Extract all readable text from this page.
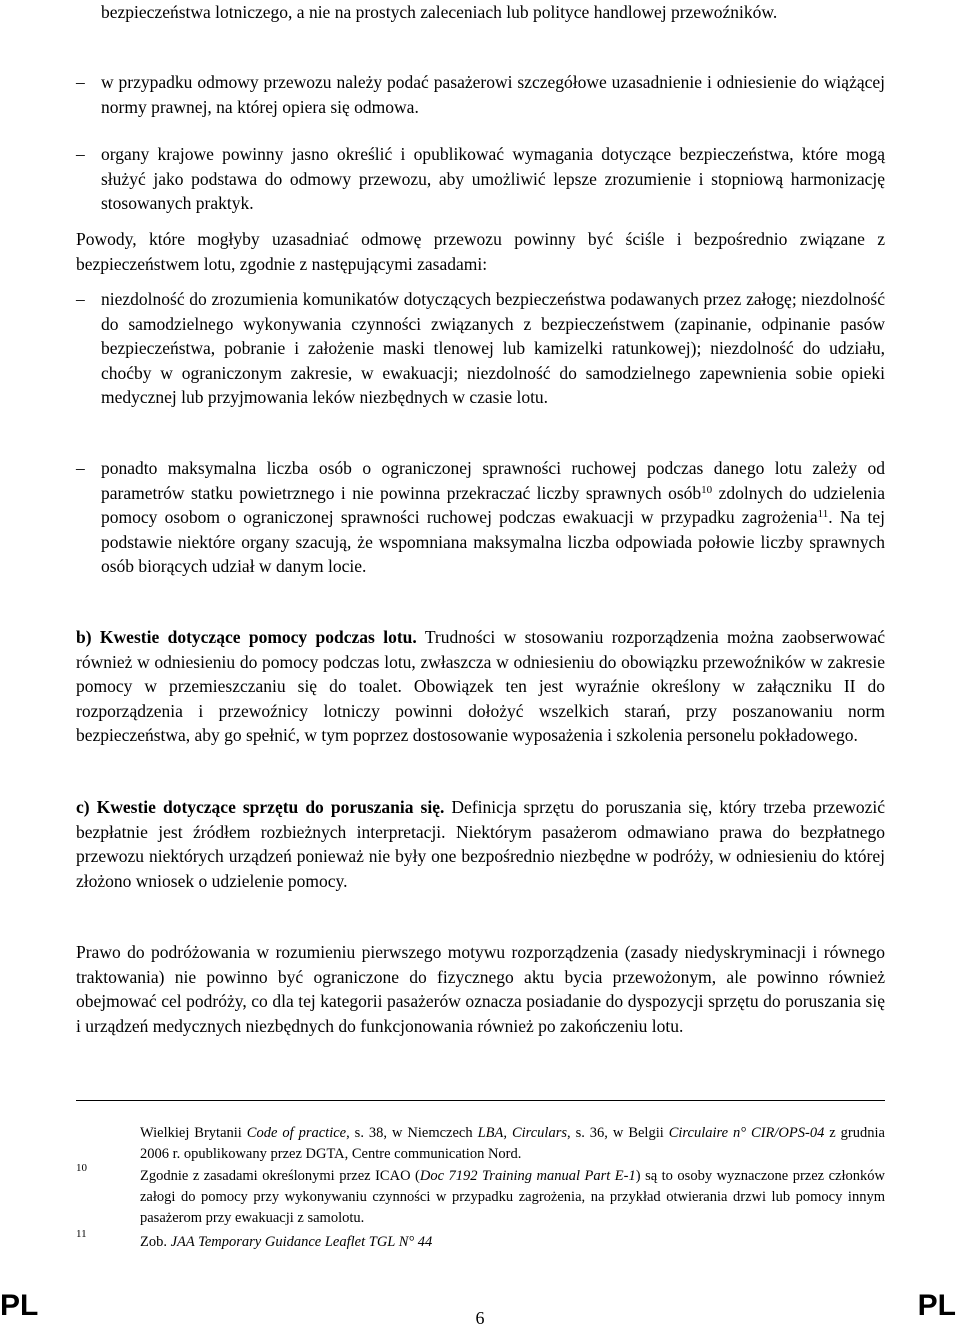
bezpieczeństwa lotniczego, a nie na prostych zaleceniach lub polityce handlowej przewoźników.

– w przypadku odmowy przewozu należy podać pasażerowi szczegółowe uzasadnienie i odniesienie do wiążącej normy prawnej, na której opiera się odmowa.

– organy krajowe powinny jasno określić i opublikować wymagania dotyczące bezpieczeństwa, które mogą służyć jako podstawa do odmowy przewozu, aby umożliwić lepsze zrozumienie i stopniową harmonizację stosowanych praktyk.

Powody, które mogłyby uzasadniać odmowę przewozu powinny być ściśle i bezpośrednio związane z bezpieczeństwem lotu, zgodnie z następującymi zasadami:

– niezdolność do zrozumienia komunikatów dotyczących bezpieczeństwa podawanych przez załogę; niezdolność do samodzielnego wykonywania czynności związanych z bezpieczeństwem (zapinanie, odpinanie pasów bezpieczeństwa, pobranie i założenie maski tlenowej lub kamizelki ratunkowej); niezdolność do udziału, choćby w ograniczonym zakresie, w ewakuacji; niezdolność do samodzielnego zapewnienia sobie opieki medycznej lub przyjmowania leków niezbędnych w czasie lotu.

– ponadto maksymalna liczba osób o ograniczonej sprawności ruchowej podczas danego lotu zależy od parametrów statku powietrznego i nie powinna przekraczać liczby sprawnych osób$^{10}$ zdolnych do udzielenia pomocy osobom o ograniczonej sprawności ruchowej podczas ewakuacji w przypadku zagrożenia$^{11}$. Na tej podstawie niektóre organy szacują, że wspomniana maksymalna liczba odpowiada połowie liczby sprawnych osób biorących udział w danym locie.

b) Kwestie dotyczące pomocy podczas lotu. Trudności w stosowaniu rozporządzenia można zaobserwować również w odniesieniu do pomocy podczas lotu, zwłaszcza w odniesieniu do obowiązku przewoźników w zakresie pomocy w przemieszczaniu się do toalet. Obowiązek ten jest wyraźnie określony w załączniku II do rozporządzenia i przewoźnicy lotniczy powinni dołożyć wszelkich starań, przy poszanowaniu norm bezpieczeństwa, aby go spełnić, w tym poprzez dostosowanie wyposażenia i szkolenia personelu pokładowego.

c) Kwestie dotyczące sprzętu do poruszania się. Definicja sprzętu do poruszania się, który trzeba przewozić bezpłatnie jest źródłem rozbieżnych interpretacji. Niektórym pasażerom odmawiano prawa do bezpłatnego przewozu niektórych urządzeń ponieważ nie były one bezpośrednio niezbędne w podróży, w odniesieniu do której złożono wniosek o udzielenie pomocy.

Prawo do podróżowania w rozumieniu pierwszego motywu rozporządzenia (zasady niedyskryminacji i równego traktowania) nie powinno być ograniczone do fizycznego aktu bycia przewożonym, ale powinno również obejmować cel podróży, co dla tej kategorii pasażerów oznacza posiadanie do dyspozycji sprzętu do poruszania się i urządzeń medycznych niezbędnych do funkcjonowania również po zakończeniu lotu.

Wielkiej Brytanii Code of practice, s. 38, w Niemczech LBA, Circulars, s. 36, w Belgii Circulaire n° CIR/OPS-04 z grudnia 2006 r. opublikowany przez DGTA, Centre communication Nord.
10	Zgodnie z zasadami określonymi przez ICAO (Doc 7192 Training manual Part E-1) są to osoby wyznaczone przez członków załogi do pomocy przy wykonywaniu czynności w przypadku zagrożenia, na przykład otwierania drzwi lub pomocy innym pasażerom przy ewakuacji z samolotu.
11	Zob. JAA Temporary Guidance Leaflet TGL N° 44
PL	6	PL
